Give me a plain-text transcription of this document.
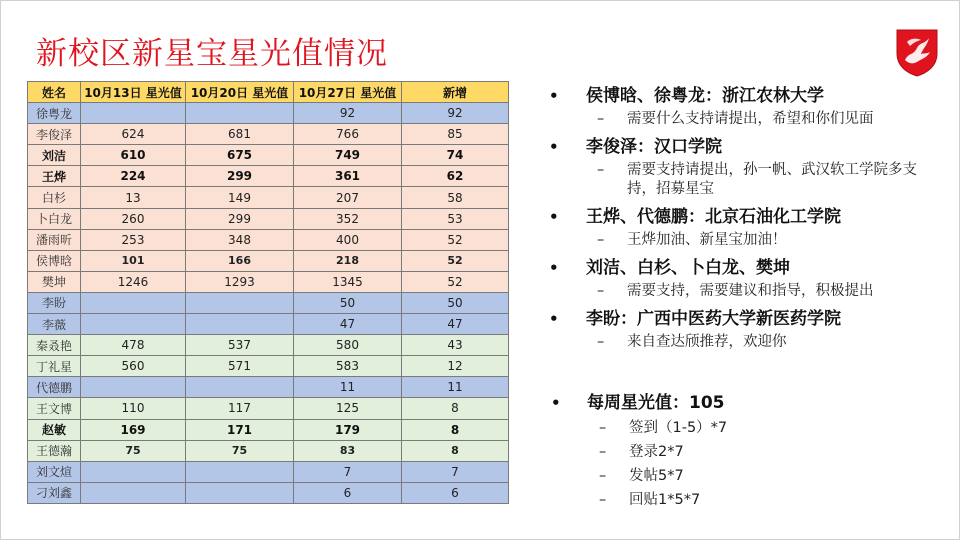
新校区新星宝星光值情况
姓名	10月13日 星光值	10月20日 星光值	10月27日 星光值	新增
徐粤龙			92	92
李俊泽	624	681	766	85
刘洁	610	675	749	74
王烨	224	299	361	62
白杉	13	149	207	58
卜白龙	260	299	352	53
潘雨昕	253	348	400	52
侯博晗	101	166	218	52
樊坤	1246	1293	1345	52
李盼			50	50
李薇			47	47
秦叒艳	478	537	580	43
丁礼星	560	571	583	12
代德鹏			11	11
王文博	110	117	125	8
赵敏	169	171	179	8
王德瀚	75	75	83	8
刘文煊			7	7
刁刘鑫			6	6
• 侯博晗、徐粤龙：浙江农林大学
– 需要什么支持请提出，希望和你们见面
• 李俊泽：汉口学院
– 需要支持请提出，孙一帆、武汉软工学院多支持，招募星宝
• 王烨、代德鹏：北京石油化工学院
– 王烨加油、新星宝加油！
• 刘洁、白杉、卜白龙、樊坤
– 需要支持，需要建议和指导，积极提出
• 李盼：广西中医药大学新医药学院
– 来自查达颀推荐，欢迎你
• 每周星光值：105
– 签到（1-5）*7
– 登录2*7
– 发帖5*7
– 回贴1*5*7
